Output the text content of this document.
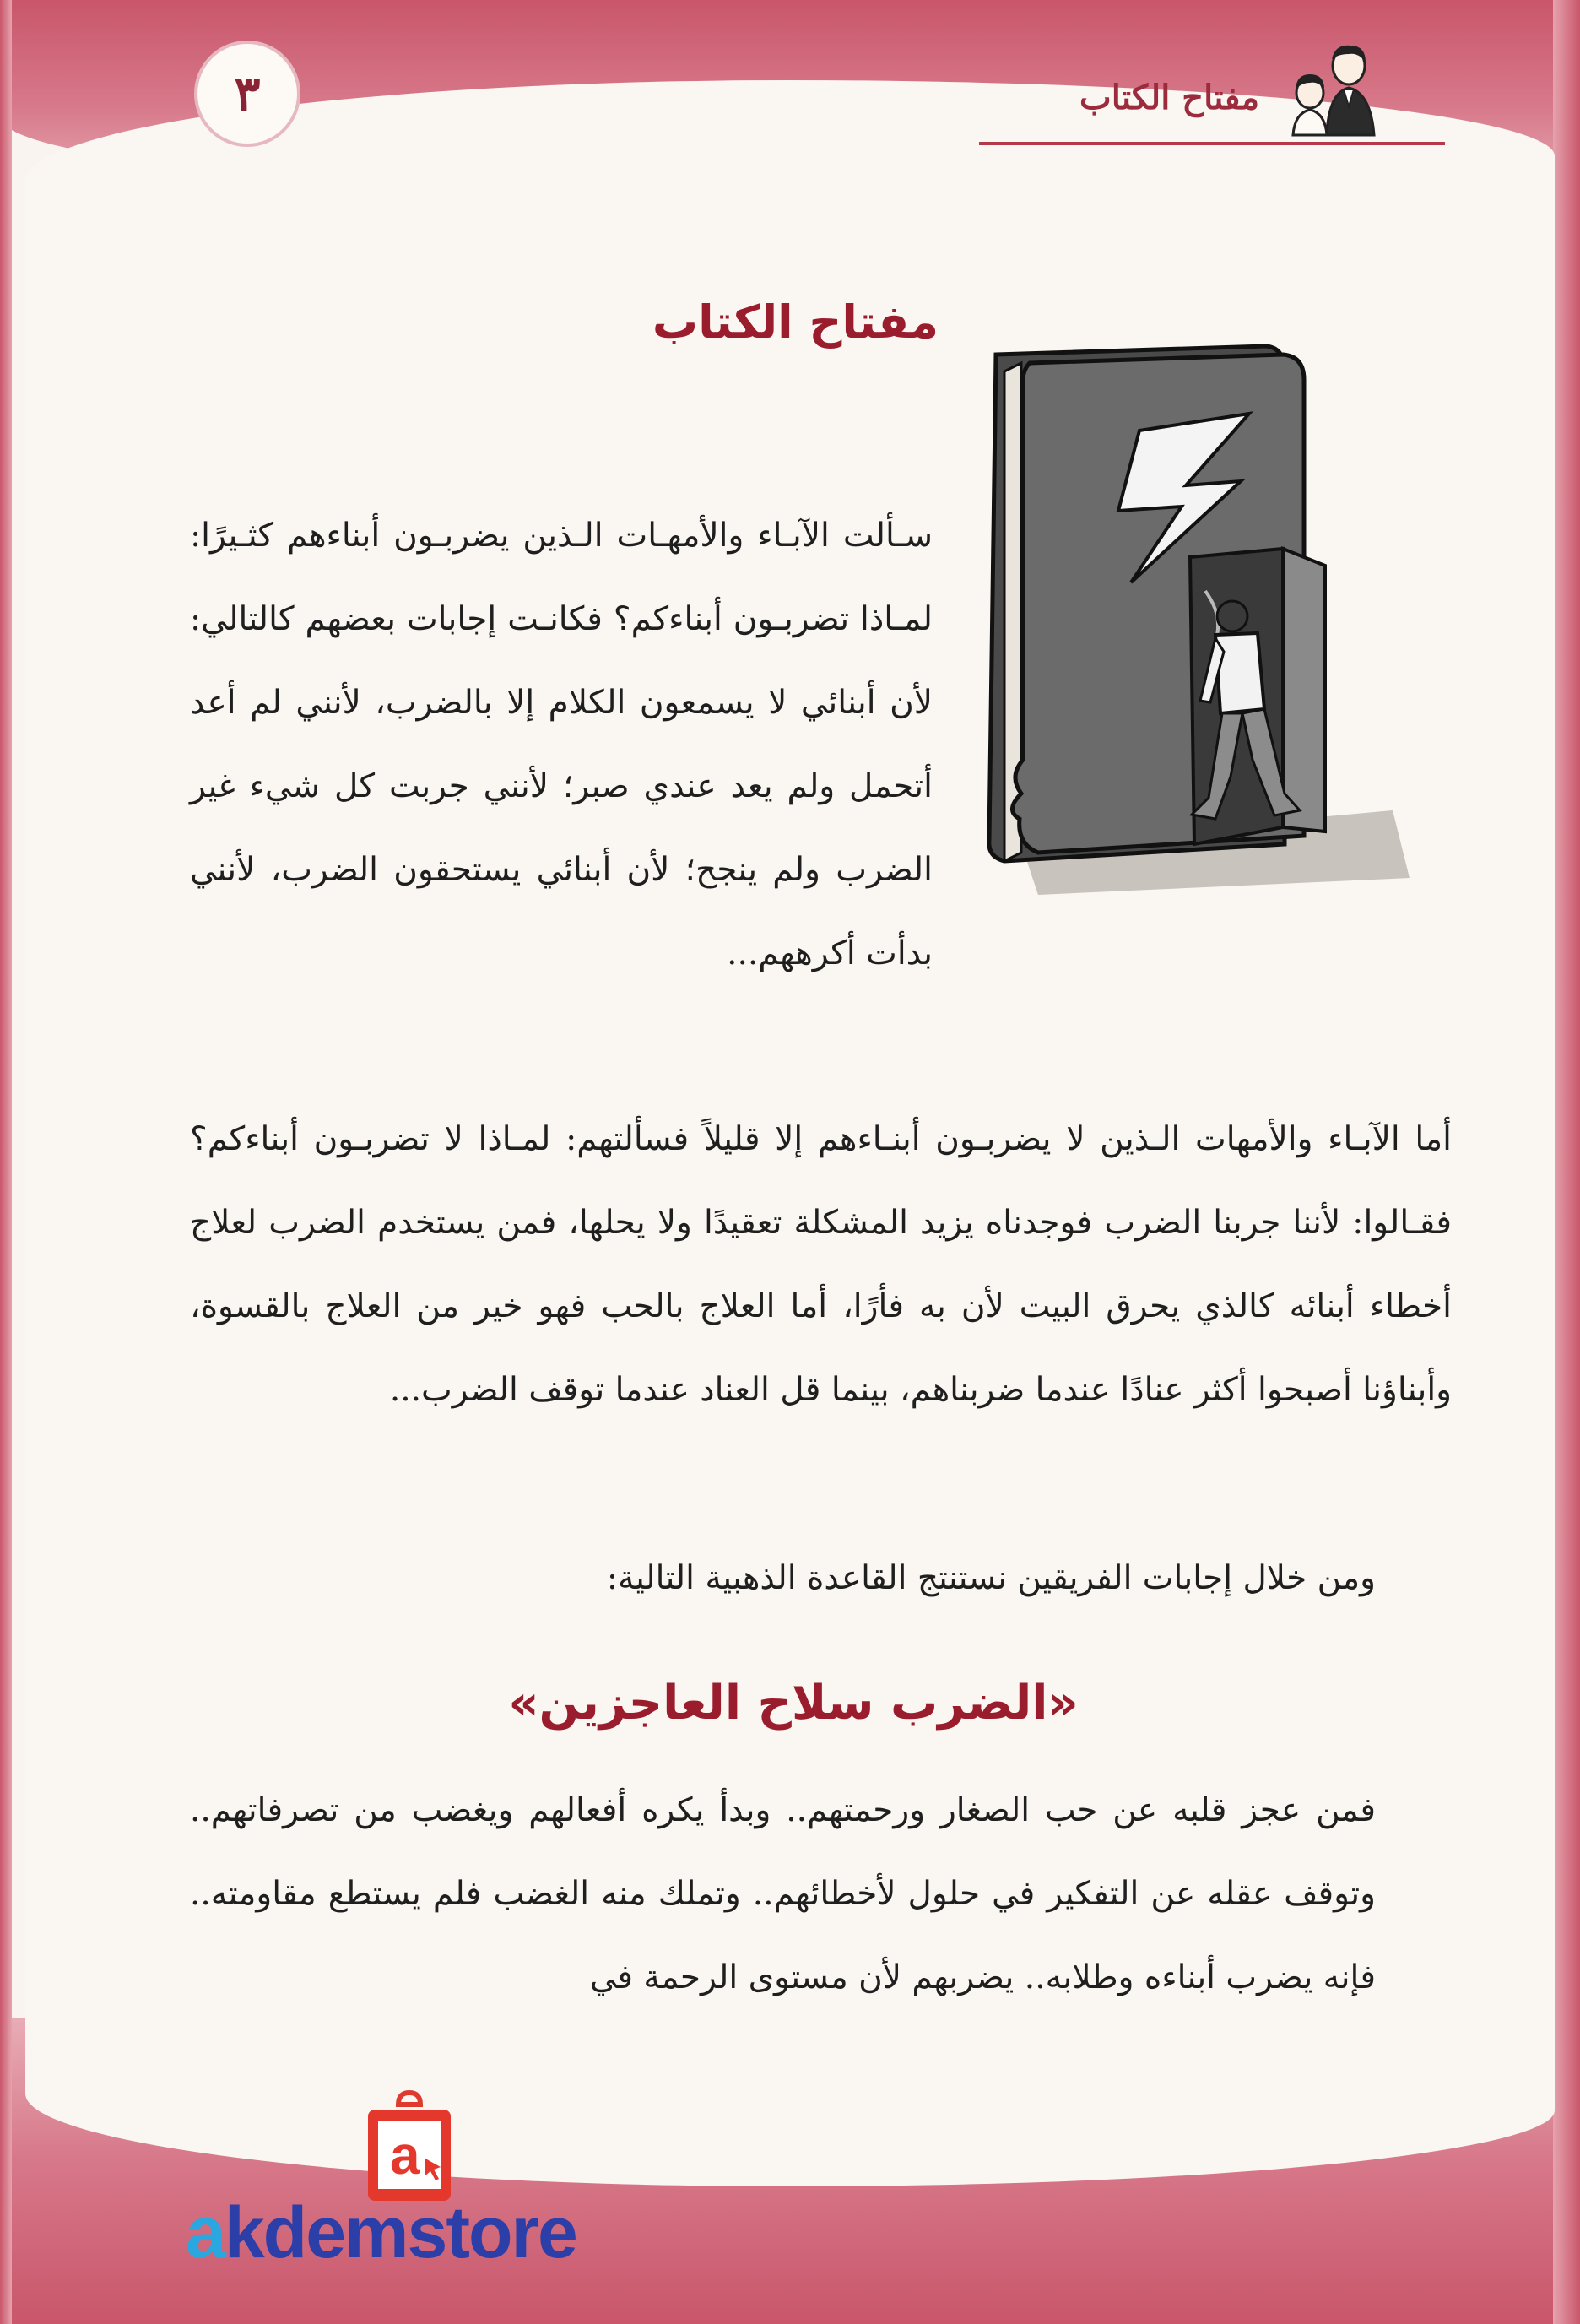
٣	مفتاح الكتاب
مفتاح الكتاب

سـألت الآبـاء والأمهـات الـذين يضربـون أبناءهم كثـيرًا: لمـاذا تضربـون أبناءكم؟ فكانـت إجابات بعضهم كالتالي: لأن أبنائي لا يسمعون الكلام إلا بالضرب، لأنني لم أعد أتحمل ولم يعد عندي صبر؛ لأنني جربت كل شيء غير الضرب ولم ينجح؛ لأن أبنائي يستحقون الضرب، لأنني بدأت أكرههم...

أما الآبـاء والأمهات الـذين لا يضربـون أبنـاءهم إلا قليلاً فسألتهم: لمـاذا لا تضربـون أبناءكم؟ فقـالوا: لأننا جربنا الضرب فوجدناه يزيد المشكلة تعقيدًا ولا يحلها، فمن يستخدم الضرب لعلاج أخطاء أبنائه كالذي يحرق البيت لأن به فأرًا، أما العلاج بالحب فهو خير من العلاج بالقسوة، وأبناؤنا أصبحوا أكثر عنادًا عندما ضربناهم، بينما قل العناد عندما توقف الضرب...

ومن خلال إجابات الفريقين نستنتج القاعدة الذهبية التالية:

«الضرب سلاح العاجزين»

فمن عجز قلبه عن حب الصغار ورحمتهم.. وبدأ يكره أفعالهم ويغضب من تصرفاتهم.. وتوقف عقله عن التفكير في حلول لأخطائهم.. وتملك منه الغضب فلم يستطع مقاومته.. فإنه يضرب أبناءه وطلابه.. يضربهم لأن مستوى الرحمة في

a
akdemstore
